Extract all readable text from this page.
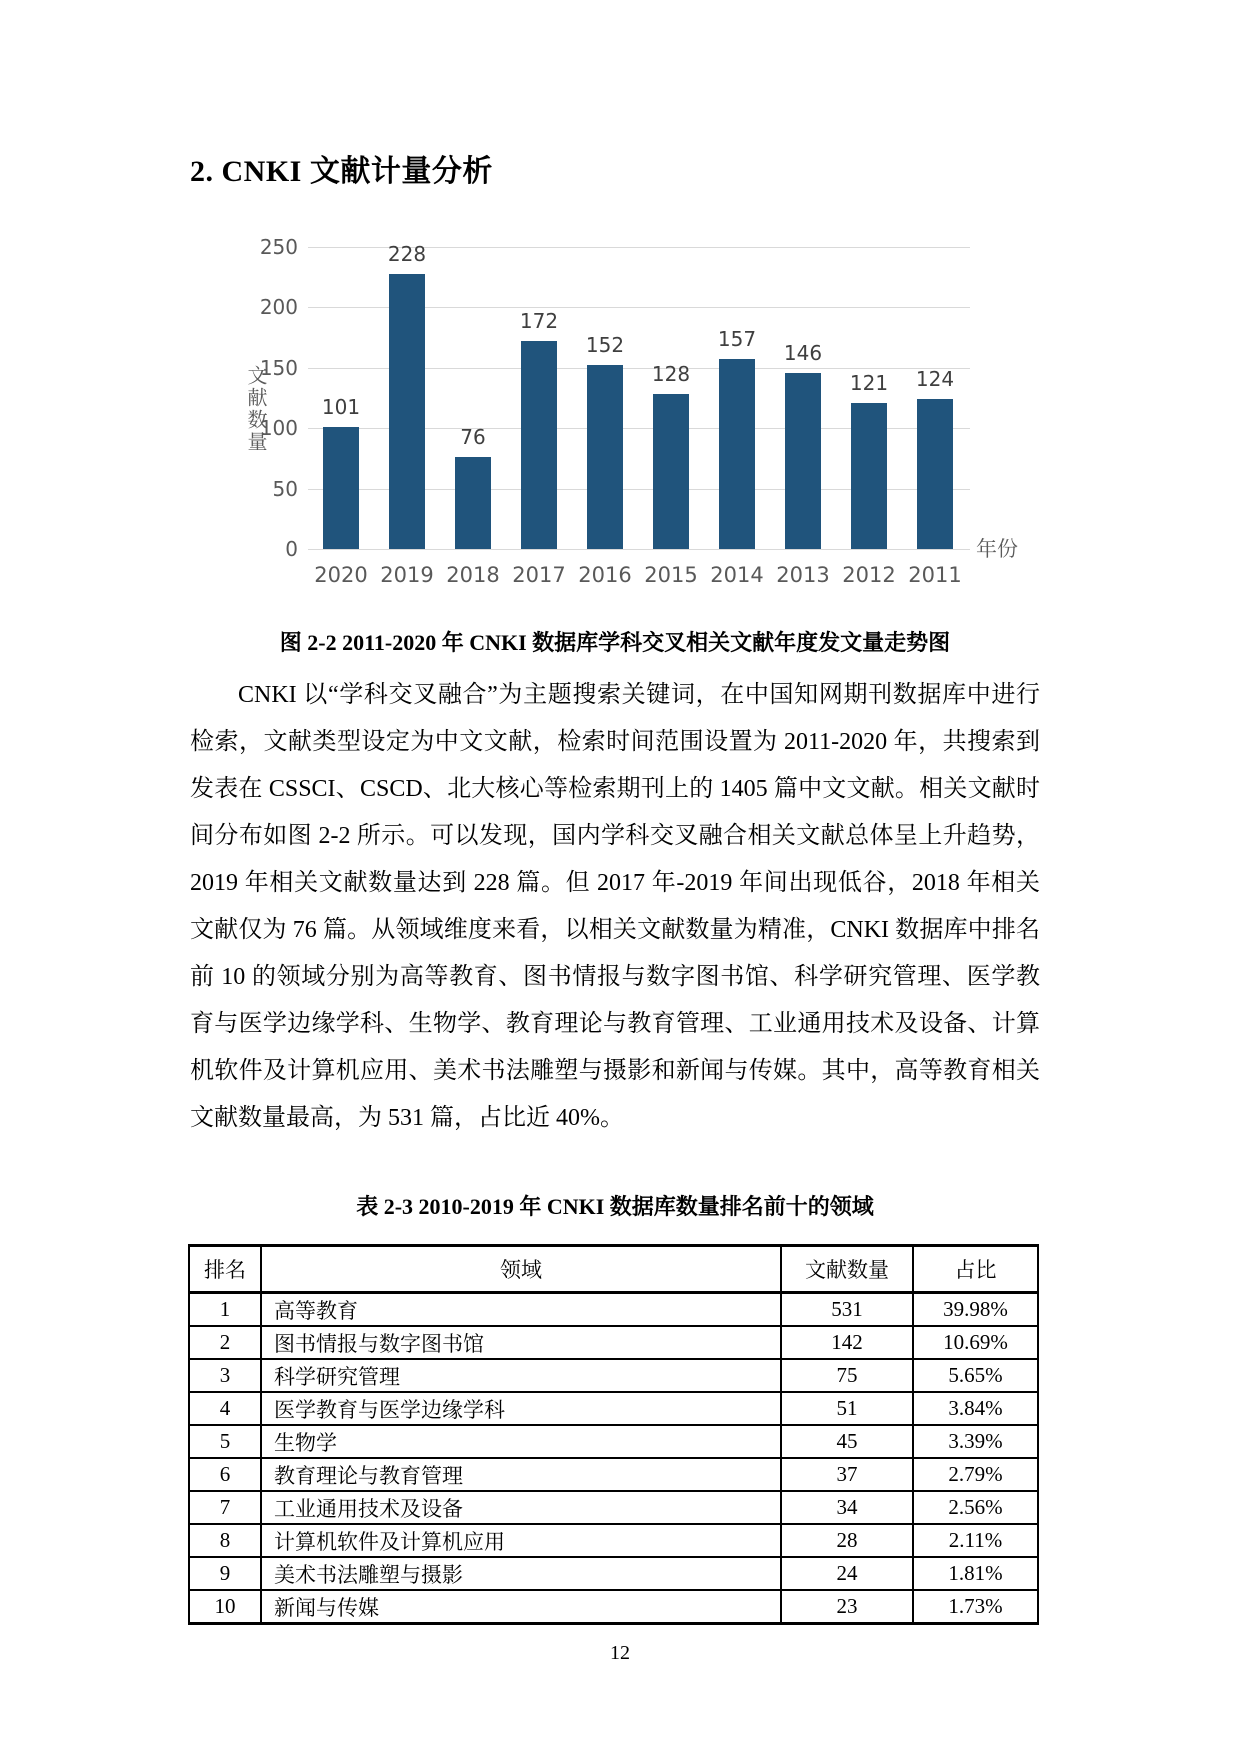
2. CNKI 文献计量分析
文献数量
0
50
100
150
200
250
101
2020
228
2019
76
2018
172
2017
152
2016
128
2015
157
2014
146
2013
121
2012
124
2011
年份
图 2-2 2011-2020 年 CNKI 数据库学科交叉相关文献年度发文量走势图
CNKI 以“学科交叉融合”为主题搜索关键词，在中国知网期刊数据库中进行
检索，文献类型设定为中文文献，检索时间范围设置为 2011-2020 年，共搜索到
发表在 CSSCI、CSCD、北大核心等检索期刊上的 1405 篇中文文献。相关文献时
间分布如图 2-2 所示。可以发现，国内学科交叉融合相关文献总体呈上升趋势，
2019 年相关文献数量达到 228 篇。但 2017 年-2019 年间出现低谷，2018 年相关
文献仅为 76 篇。从领域维度来看，以相关文献数量为精准，CNKI 数据库中排名
前 10 的领域分别为高等教育、图书情报与数字图书馆、科学研究管理、医学教
育与医学边缘学科、生物学、教育理论与教育管理、工业通用技术及设备、计算
机软件及计算机应用、美术书法雕塑与摄影和新闻与传媒。其中，高等教育相关
文献数量最高，为 531 篇，占比近 40%。
表 2-3 2010-2019 年 CNKI 数据库数量排名前十的领域
排名	领域	文献数量	占比
1	高等教育	531	39.98%
2	图书情报与数字图书馆	142	10.69%
3	科学研究管理	75	5.65%
4	医学教育与医学边缘学科	51	3.84%
5	生物学	45	3.39%
6	教育理论与教育管理	37	2.79%
7	工业通用技术及设备	34	2.56%
8	计算机软件及计算机应用	28	2.11%
9	美术书法雕塑与摄影	24	1.81%
10	新闻与传媒	23	1.73%
12
